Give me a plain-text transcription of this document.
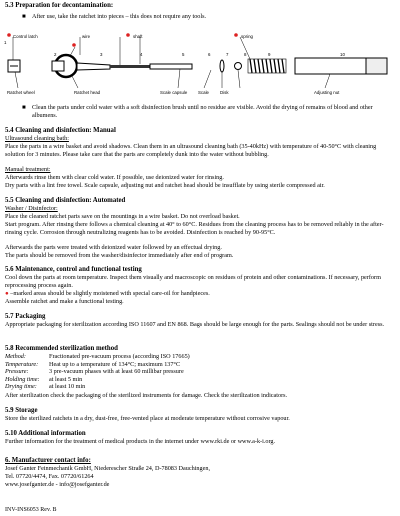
5.3 Preparation for decontamination:
■ After use, take the ratchet into pieces – this does not require any tools.
Control latch	wire	shaft	spring
Ratchet wheel	Ratchet head	Scale capsule Scale	Disk	Adjusting nut
1
2	3	4	5	6	7	8	9	10
■ Clean the parts under cold water with a soft disinfection brush until no residue are visible. Avoid the drying of remains of blood and other albumens.
5.4 Cleaning and disinfection: Manual
Ultrasound cleaning bath:
Place the parts in a wire basket and avoid shadows. Clean them in an ultrasound cleaning bath (35-40kHz) with temperature of 40-50°C with cleaning solution for 3 minutes. Please take care that the parts are completely dunk into the water without bubbling.
Manual treatment:
Afterwards rinse them with clear cold water. If possible, use deionized water for rinsing.
Dry parts with a lint free towel. Scale capsule, adjusting nut and ratchet head should be insufflate by using sterile compressed air.
5.5 Cleaning and disinfection: Automated
Washer / Disinfector:
Place the cleaned ratchet parts save on the mountings in a wire basket. Do not overload basket.
Start program. After rinsing there follows a chemical cleaning at 40° to 60°C. Residues from the cleaning process has to be removed reliably in the after-rinsing cycle. Corrosion through neutralizing reagents has to be avoided. Disinfection is reached by 90-95°C.
Afterwards the parts were treated with deionized water followed by an effectual drying.
The parts should be removed from the washer/disinfector immediately after end of program.
5.6 Maintenance, control and functional testing
Cool down the parts at room temperature. Inspect them visually and macroscopic on residues of protein and other contaminations. If necessary, perform reprocessing process again.
● –marked areas should be slightly moistened with special care-oil for handpieces.
Assemble ratchet and make a functional testing.
5.7 Packaging
Appropriate packaging for sterilization according ISO 11607 and EN 868. Bags should be large enough for the parts. Sealings should not be under stress.
5.8 Recommended sterilization method
Method:	Fractionated pre-vacuum process (according ISO 17665)
Temperature:	Heat up to a temperature of 134°C; maximum 137°C
Pressure:	3 pre-vacuum phases with at least 60 millibar pressure
Holding time:	at least 5 min
Drying time:	at least 10 min
After sterilization check the packaging of the sterilized instruments for damage. Check the sterilization indicators.
5.9 Storage
Store the sterilized ratchets in a dry, dust-free, free-vented place at moderate temperature without corrosive vapour.
5.10 Additional information
Further information for the treatment of medical products in the internet under www.rki.de or www.a-k-i.org.
6. Manufacturer contact info:
Josef Ganter Feinmechanik GmbH, Niederescher Straße 24, D-78083 Dauchingen,
Tel. 07720/4474, Fax. 07720/61264
www.josefganter.de - info@josefganter.de
INV-INS6053 Rev. B
